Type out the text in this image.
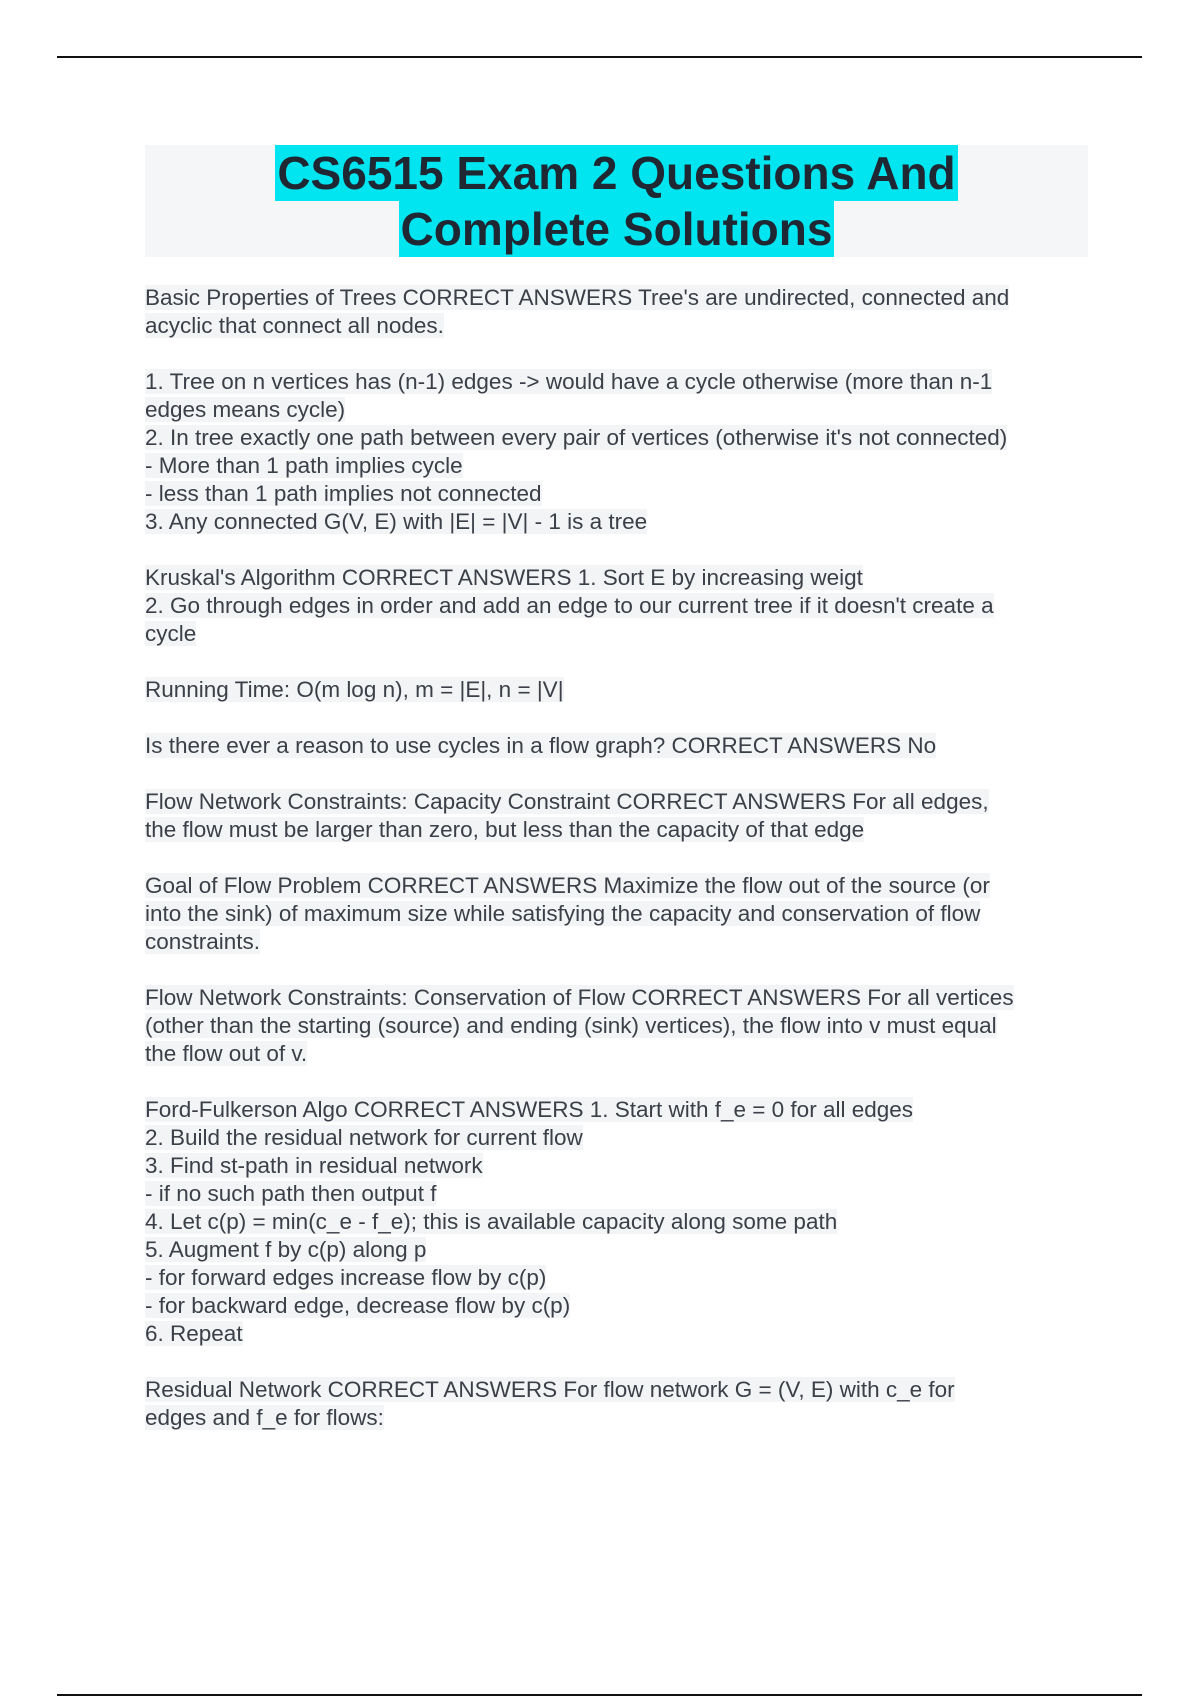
CS6515 Exam 2 Questions And
Complete Solutions
Basic Properties of Trees CORRECT ANSWERS Tree's are undirected, connected and
acyclic that connect all nodes.
1. Tree on n vertices has (n-1) edges -> would have a cycle otherwise (more than n-1
edges means cycle)
2. In tree exactly one path between every pair of vertices (otherwise it's not connected)
- More than 1 path implies cycle
- less than 1 path implies not connected
3. Any connected G(V, E) with |E| = |V| - 1 is a tree
Kruskal's Algorithm CORRECT ANSWERS 1. Sort E by increasing weigt
2. Go through edges in order and add an edge to our current tree if it doesn't create a
cycle
Running Time: O(m log n), m = |E|, n = |V|
Is there ever a reason to use cycles in a flow graph? CORRECT ANSWERS No
Flow Network Constraints: Capacity Constraint CORRECT ANSWERS For all edges,
the flow must be larger than zero, but less than the capacity of that edge
Goal of Flow Problem CORRECT ANSWERS Maximize the flow out of the source (or
into the sink) of maximum size while satisfying the capacity and conservation of flow
constraints.
Flow Network Constraints: Conservation of Flow CORRECT ANSWERS For all vertices
(other than the starting (source) and ending (sink) vertices), the flow into v must equal
the flow out of v.
Ford-Fulkerson Algo CORRECT ANSWERS 1. Start with f_e = 0 for all edges
2. Build the residual network for current flow
3. Find st-path in residual network
- if no such path then output f
4. Let c(p) = min(c_e - f_e); this is available capacity along some path
5. Augment f by c(p) along p
- for forward edges increase flow by c(p)
- for backward edge, decrease flow by c(p)
6. Repeat
Residual Network CORRECT ANSWERS For flow network G = (V, E) with c_e for
edges and f_e for flows:
